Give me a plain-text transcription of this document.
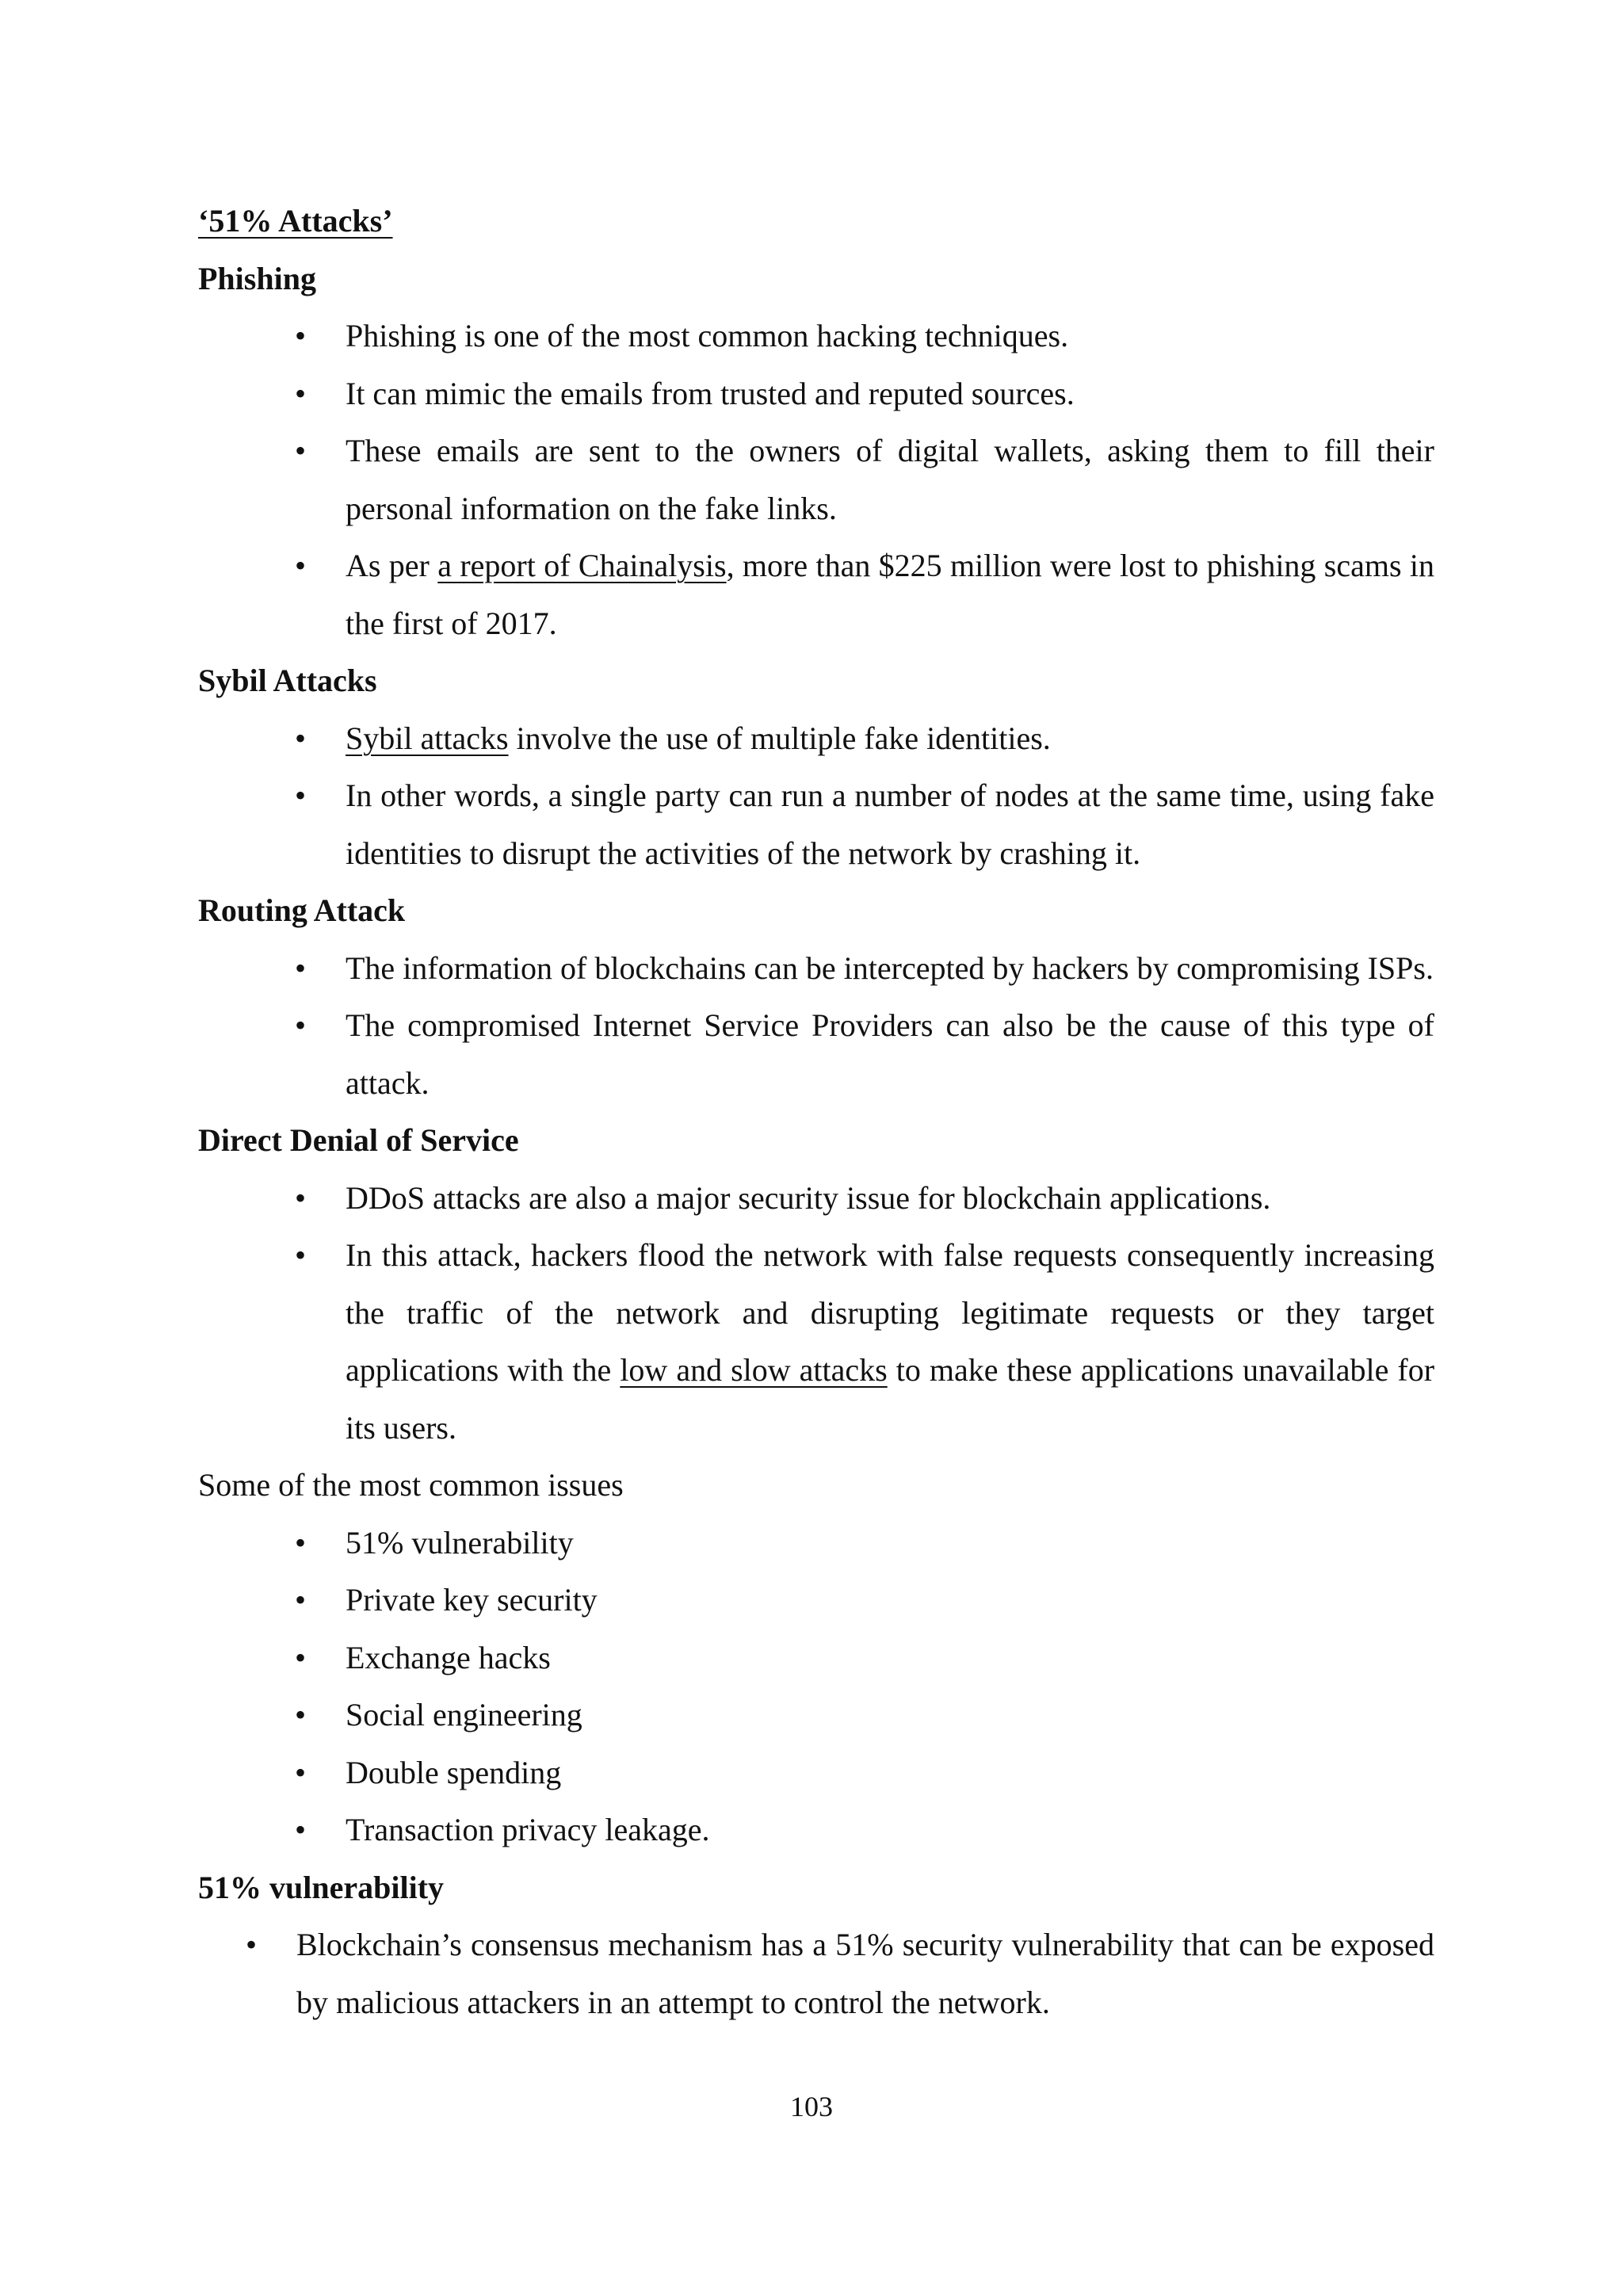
‘51% Attacks’
Phishing
• Phishing is one of the most common hacking techniques.
• It can mimic the emails from trusted and reputed sources.
• These emails are sent to the owners of digital wallets, asking them to fill their personal information on the fake links.
• As per a report of Chainalysis, more than $225 million were lost to phishing scams in the first of 2017.
Sybil Attacks
• Sybil attacks involve the use of multiple fake identities.
• In other words, a single party can run a number of nodes at the same time, using fake identities to disrupt the activities of the network by crashing it.
Routing Attack
• The information of blockchains can be intercepted by hackers by compromising ISPs.
• The compromised Internet Service Providers can also be the cause of this type of attack.
Direct Denial of Service
• DDoS attacks are also a major security issue for blockchain applications.
• In this attack, hackers flood the network with false requests consequently increasing the traffic of the network and disrupting legitimate requests or they target applications with the low and slow attacks to make these applications unavailable for its users.

Some of the most common issues

• 51% vulnerability
• Private key security
• Exchange hacks
• Social engineering
• Double spending
• Transaction privacy leakage.
51% vulnerability
• Blockchain’s consensus mechanism has a 51% security vulnerability that can be exposed by malicious attackers in an attempt to control the network.
103
